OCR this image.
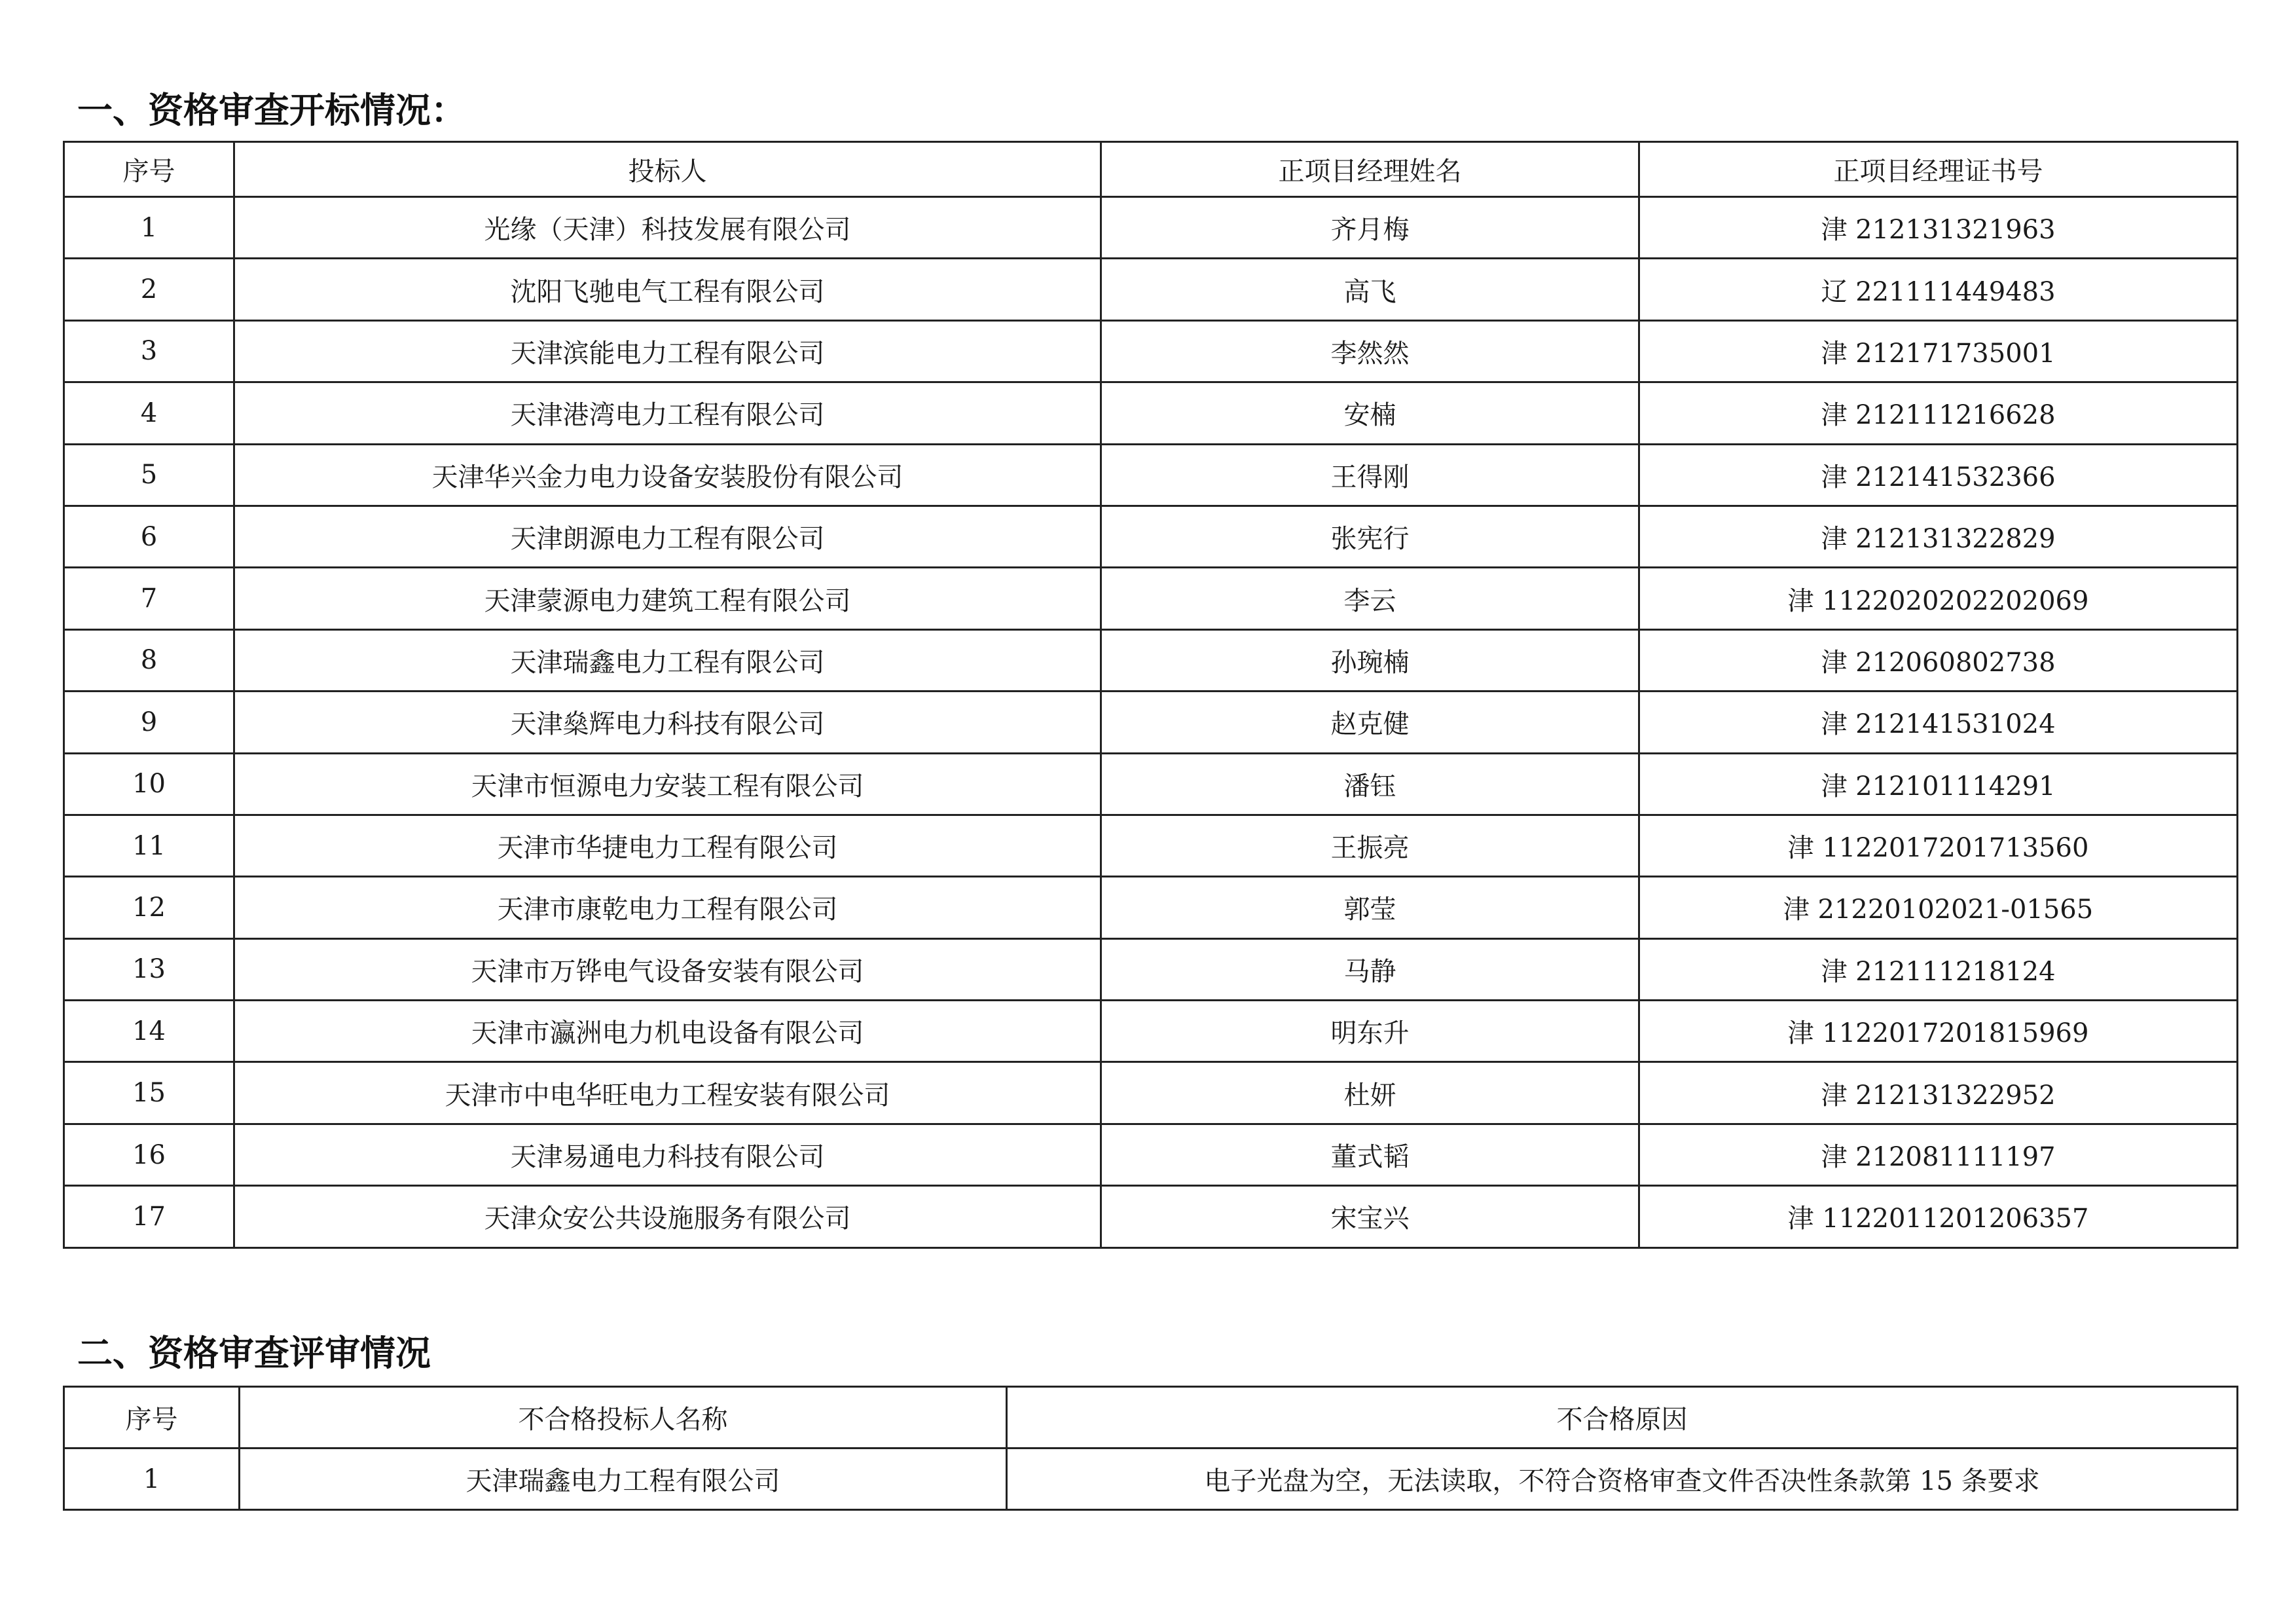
一、资格审查开标情况：
序号	投标人	正项目经理姓名	正项目经理证书号
1	光缘（天津）科技发展有限公司	齐月梅	津 212131321963
2	沈阳飞驰电气工程有限公司	高飞	辽 221111449483
3	天津滨能电力工程有限公司	李然然	津 212171735001
4	天津港湾电力工程有限公司	安楠	津 212111216628
5	天津华兴金力电力设备安装股份有限公司	王得刚	津 212141532366
6	天津朗源电力工程有限公司	张宪行	津 212131322829
7	天津蒙源电力建筑工程有限公司	李云	津 1122020202202069
8	天津瑞鑫电力工程有限公司	孙琬楠	津 212060802738
9	天津燊辉电力科技有限公司	赵克健	津 212141531024
10	天津市恒源电力安装工程有限公司	潘钰	津 212101114291
11	天津市华捷电力工程有限公司	王振亮	津 1122017201713560
12	天津市康乾电力工程有限公司	郭莹	津 21220102021-01565
13	天津市万铧电气设备安装有限公司	马静	津 212111218124
14	天津市瀛洲电力机电设备有限公司	明东升	津 1122017201815969
15	天津市中电华旺电力工程安装有限公司	杜妍	津 212131322952
16	天津易通电力科技有限公司	董式韬	津 212081111197
17	天津众安公共设施服务有限公司	宋宝兴	津 1122011201206357
二、资格审查评审情况
序号	不合格投标人名称	不合格原因
1	天津瑞鑫电力工程有限公司	电子光盘为空，无法读取，不符合资格审查文件否决性条款第 15 条要求
